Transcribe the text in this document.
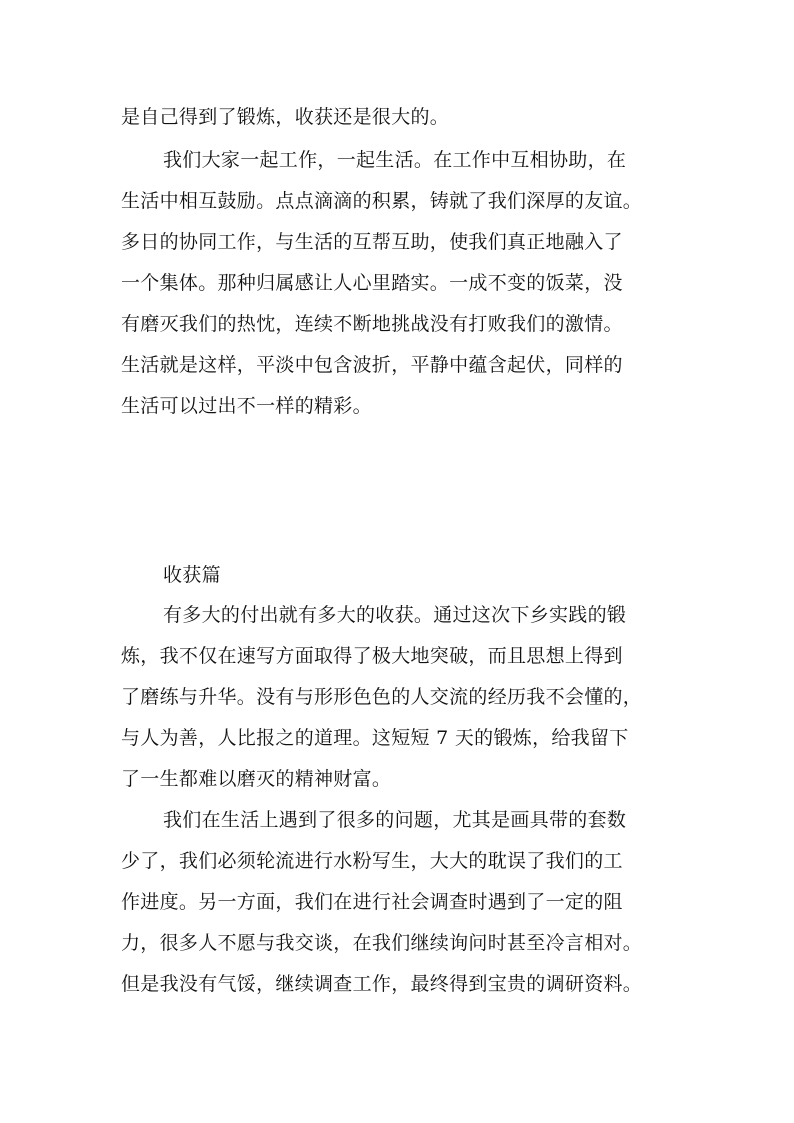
是自己得到了锻炼，收获还是很大的。
我们大家一起工作，一起生活。在工作中互相协助，在
生活中相互鼓励。点点滴滴的积累，铸就了我们深厚的友谊。
多日的协同工作，与生活的互帮互助，使我们真正地融入了
一个集体。那种归属感让人心里踏实。一成不变的饭菜，没
有磨灭我们的热忱，连续不断地挑战没有打败我们的激情。
生活就是这样，平淡中包含波折，平静中蕴含起伏，同样的
生活可以过出不一样的精彩。
收获篇
有多大的付出就有多大的收获。通过这次下乡实践的锻
炼，我不仅在速写方面取得了极大地突破，而且思想上得到
了磨练与升华。没有与形形色色的人交流的经历我不会懂的，
与人为善，人比报之的道理。这短短 7 天的锻炼，给我留下
了一生都难以磨灭的精神财富。
我们在生活上遇到了很多的问题，尤其是画具带的套数
少了，我们必须轮流进行水粉写生，大大的耽误了我们的工
作进度。另一方面，我们在进行社会调查时遇到了一定的阻
力，很多人不愿与我交谈，在我们继续询问时甚至冷言相对。
但是我没有气馁，继续调查工作，最终得到宝贵的调研资料。
